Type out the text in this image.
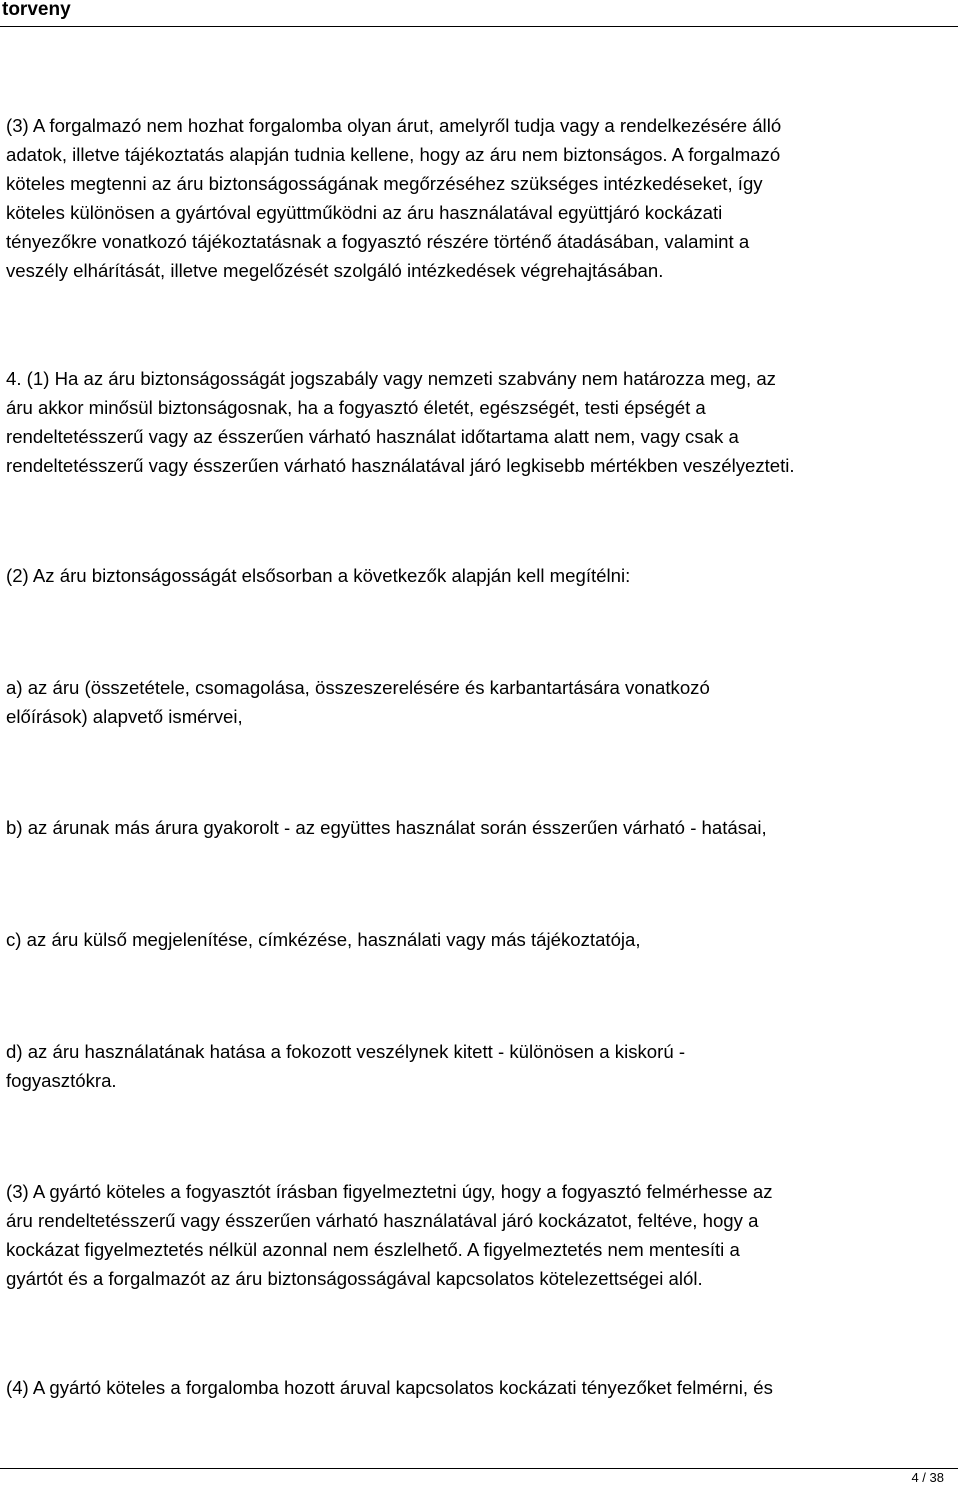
torveny
(3) A forgalmazó nem hozhat forgalomba olyan árut, amelyről tudja vagy a rendelkezésére álló
adatok, illetve tájékoztatás alapján tudnia kellene, hogy az áru nem biztonságos. A forgalmazó
köteles megtenni az áru biztonságosságának megőrzéséhez szükséges intézkedéseket, így
köteles különösen a gyártóval együttműködni az áru használatával együttjáró kockázati
tényezőkre vonatkozó tájékoztatásnak a fogyasztó részére történő átadásában, valamint a
veszély elhárítását, illetve megelőzését szolgáló intézkedések végrehajtásában.
4. (1) Ha az áru biztonságosságát jogszabály vagy nemzeti szabvány nem határozza meg, az
áru akkor minősül biztonságosnak, ha a fogyasztó életét, egészségét, testi épségét a
rendeltetésszerű vagy az ésszerűen várható használat időtartama alatt nem, vagy csak a
rendeltetésszerű vagy ésszerűen várható használatával járó legkisebb mértékben veszélyezteti.
(2) Az áru biztonságosságát elsősorban a következők alapján kell megítélni:
a) az áru (összetétele, csomagolása, összeszerelésére és karbantartására vonatkozó
előírások) alapvető ismérvei,
b) az árunak más árura gyakorolt - az együttes használat során ésszerűen várható - hatásai,
c) az áru külső megjelenítése, címkézése, használati vagy más tájékoztatója,
d) az áru használatának hatása a fokozott veszélynek kitett - különösen a kiskorú -
fogyasztókra.
(3) A gyártó köteles a fogyasztót írásban figyelmeztetni úgy, hogy a fogyasztó felmérhesse az
áru rendeltetésszerű vagy ésszerűen várható használatával járó kockázatot, feltéve, hogy a
kockázat figyelmeztetés nélkül azonnal nem észlelhető. A figyelmeztetés nem mentesíti a
gyártót és a forgalmazót az áru biztonságosságával kapcsolatos kötelezettségei alól.
(4) A gyártó köteles a forgalomba hozott áruval kapcsolatos kockázati tényezőket felmérni, és
4 / 38
